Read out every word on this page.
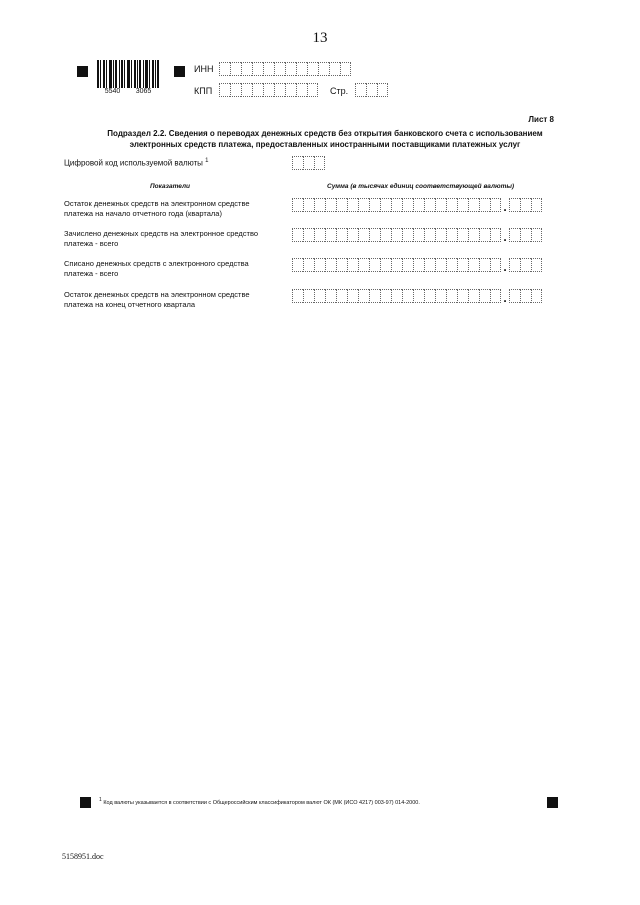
13
5540 3065
ИНН
КПП	Стр.
Лист 8
Подраздел 2.2. Сведения о переводах денежных средств без открытия банковского счета с использованием
электронных средств платежа, предоставленных иностранными поставщиками платежных услуг
Цифровой код используемой валюты $^1$
Показатели	Сумма (в тысячах единиц соответствующей валюты)
Остаток денежных средств на электронном средстве
платежа на начало отчетного года (квартала)	.
Зачислено денежных средств на электронное средство
платежа - всего	.
Списано денежных средств с электронного средства
платежа - всего	.
Остаток денежных средств на электронном средстве
платежа на конец отчетного квартала	.
$^1$ Код валюты указывается в соответствии с Общероссийским классификатором валют ОК (МК (ИСО 4217) 003-97) 014-2000.
5158951.doc
